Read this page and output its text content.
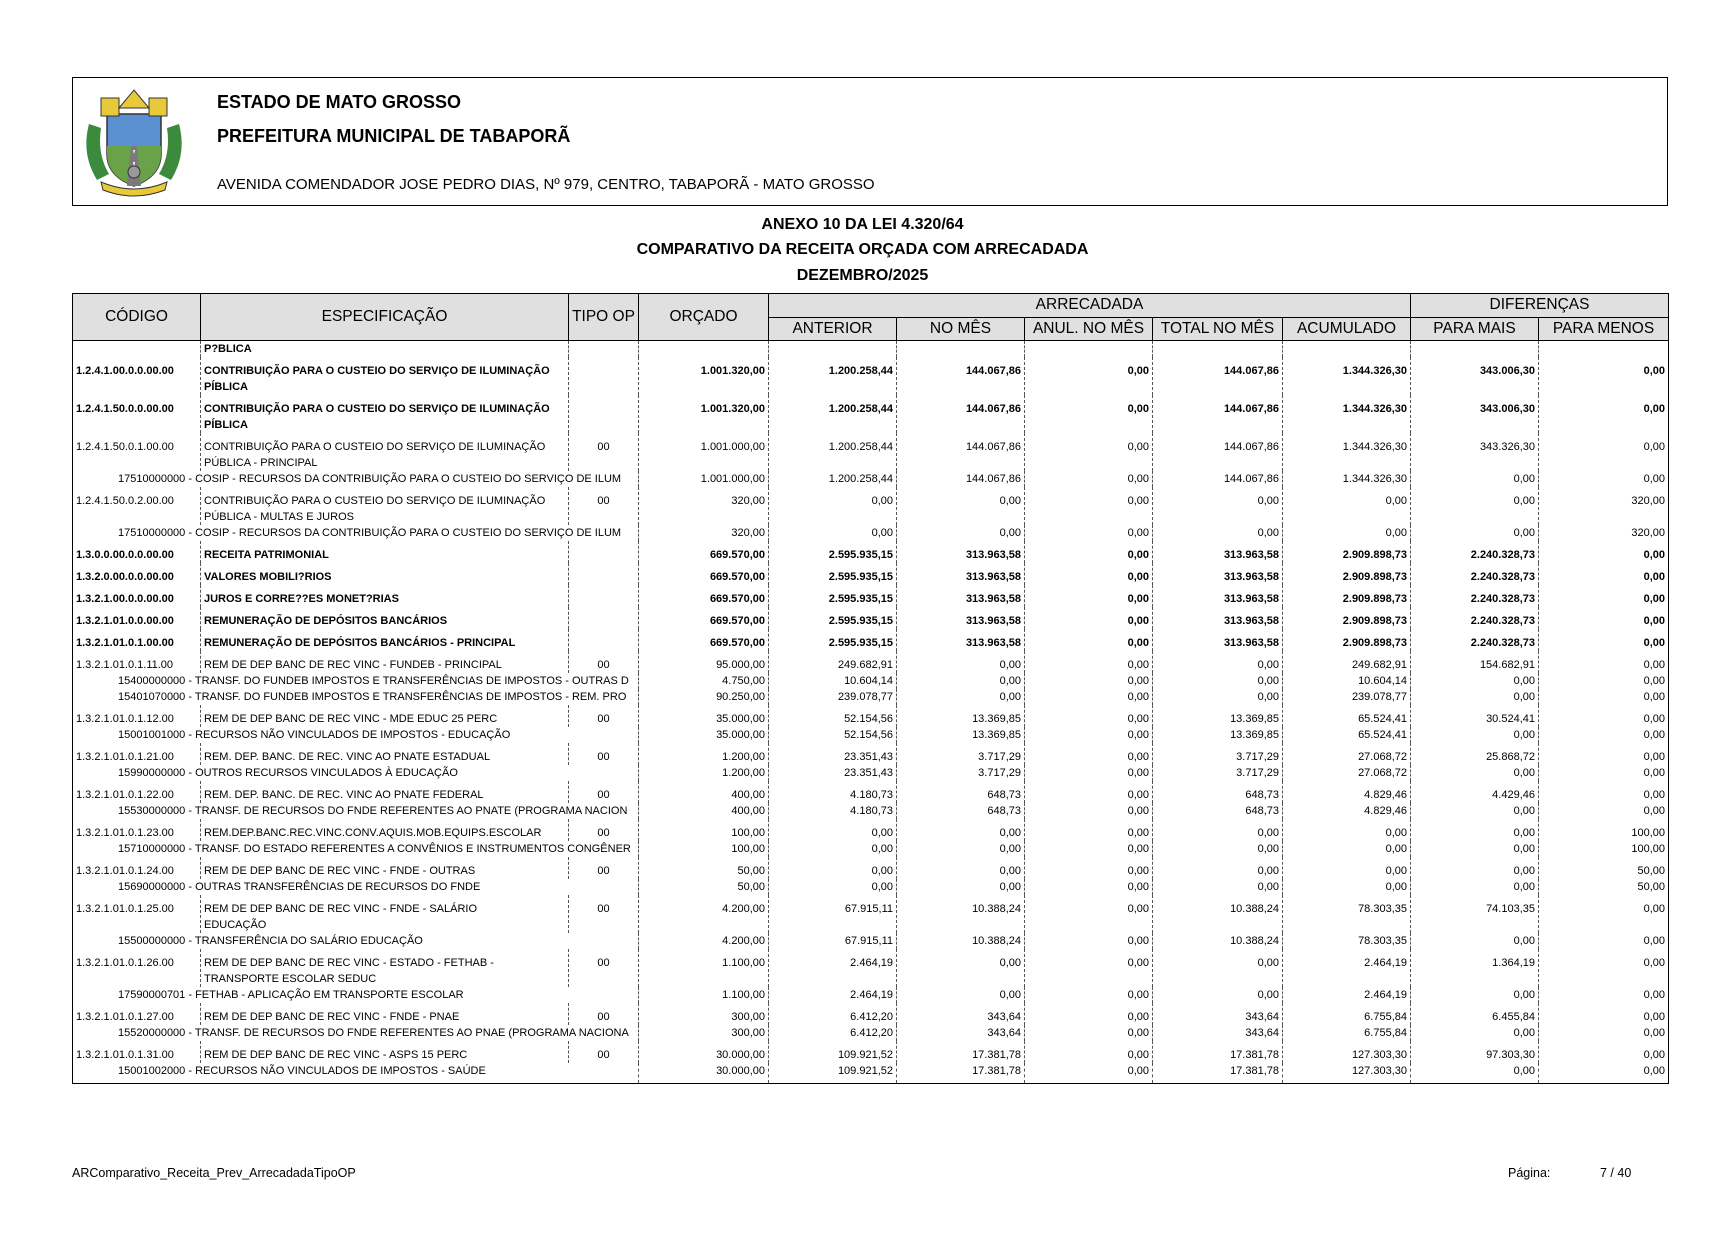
ESTADO DE MATO GROSSO
PREFEITURA MUNICIPAL DE TABAPORÃ
AVENIDA COMENDADOR JOSE PEDRO DIAS, Nº 979, CENTRO, TABAPORÃ - MATO GROSSO
ANEXO 10 DA LEI 4.320/64
COMPARATIVO DA RECEITA ORÇADA COM ARRECADADA
DEZEMBRO/2025
CÓDIGO	ESPECIFICAÇÃO	TIPO OP	ORÇADO	ARRECADADA					DIFERENÇAS	
				ANTERIOR	NO MÊS	ANUL. NO MÊS	TOTAL NO MÊS	ACUMULADO	PARA MAIS	PARA MENOS
	P?BLICA									
1.2.4.1.00.0.0.00.00	CONTRIBUIÇÃO PARA O CUSTEIO DO SERVIÇO DE ILUMINAÇÃO
PÍBLICA		1.001.320,00	1.200.258,44	144.067,86	0,00	144.067,86	1.344.326,30	343.006,30	0,00
1.2.4.1.50.0.0.00.00	CONTRIBUIÇÃO PARA O CUSTEIO DO SERVIÇO DE ILUMINAÇÃO
PÍBLICA		1.001.320,00	1.200.258,44	144.067,86	0,00	144.067,86	1.344.326,30	343.006,30	0,00
1.2.4.1.50.0.1.00.00	CONTRIBUIÇÃO PARA O CUSTEIO DO SERVIÇO DE ILUMINAÇÃO
PÚBLICA - PRINCIPAL	00	1.001.000,00	1.200.258,44	144.067,86	0,00	144.067,86	1.344.326,30	343.326,30	0,00

17510000000 - COSIP - RECURSOS DA CONTRIBUIÇÃO PARA O CUSTEIO DO SERVIÇO DE ILUM			1.001.000,00	1.200.258,44	144.067,86	0,00	144.067,86	1.344.326,30	0,00	0,00
1.2.4.1.50.0.2.00.00	CONTRIBUIÇÃO PARA O CUSTEIO DO SERVIÇO DE ILUMINAÇÃO
PÚBLICA - MULTAS E JUROS	00	320,00	0,00	0,00	0,00	0,00	0,00	0,00	320,00

17510000000 - COSIP - RECURSOS DA CONTRIBUIÇÃO PARA O CUSTEIO DO SERVIÇO DE ILUM			320,00	0,00	0,00	0,00	0,00	0,00	0,00	320,00
1.3.0.0.00.0.0.00.00	RECEITA PATRIMONIAL		669.570,00	2.595.935,15	313.963,58	0,00	313.963,58	2.909.898,73	2.240.328,73	0,00
1.3.2.0.00.0.0.00.00	VALORES MOBILI?RIOS		669.570,00	2.595.935,15	313.963,58	0,00	313.963,58	2.909.898,73	2.240.328,73	0,00
1.3.2.1.00.0.0.00.00	JUROS E CORRE??ES MONET?RIAS		669.570,00	2.595.935,15	313.963,58	0,00	313.963,58	2.909.898,73	2.240.328,73	0,00
1.3.2.1.01.0.0.00.00	REMUNERAÇÃO DE DEPÓSITOS BANCÁRIOS		669.570,00	2.595.935,15	313.963,58	0,00	313.963,58	2.909.898,73	2.240.328,73	0,00
1.3.2.1.01.0.1.00.00	REMUNERAÇÃO DE DEPÓSITOS BANCÁRIOS - PRINCIPAL		669.570,00	2.595.935,15	313.963,58	0,00	313.963,58	2.909.898,73	2.240.328,73	0,00
1.3.2.1.01.0.1.11.00	REM DE DEP BANC DE REC VINC - FUNDEB - PRINCIPAL	00	95.000,00	249.682,91	0,00	0,00	0,00	249.682,91	154.682,91	0,00

15400000000 - TRANSF. DO FUNDEB IMPOSTOS E TRANSFERÊNCIAS DE IMPOSTOS - OUTRAS D			4.750,00	10.604,14	0,00	0,00	0,00	10.604,14	0,00	0,00

15401070000 - TRANSF. DO FUNDEB IMPOSTOS E TRANSFERÊNCIAS DE IMPOSTOS - REM. PRO			90.250,00	239.078,77	0,00	0,00	0,00	239.078,77	0,00	0,00
1.3.2.1.01.0.1.12.00	REM DE DEP BANC DE REC VINC - MDE EDUC 25 PERC	00	35.000,00	52.154,56	13.369,85	0,00	13.369,85	65.524,41	30.524,41	0,00

15001001000 - RECURSOS NÃO VINCULADOS DE IMPOSTOS - EDUCAÇÃO			35.000,00	52.154,56	13.369,85	0,00	13.369,85	65.524,41	0,00	0,00
1.3.2.1.01.0.1.21.00	REM. DEP. BANC. DE REC. VINC AO PNATE ESTADUAL	00	1.200,00	23.351,43	3.717,29	0,00	3.717,29	27.068,72	25.868,72	0,00

15990000000 - OUTROS RECURSOS VINCULADOS À EDUCAÇÃO			1.200,00	23.351,43	3.717,29	0,00	3.717,29	27.068,72	0,00	0,00
1.3.2.1.01.0.1.22.00	REM. DEP. BANC. DE REC. VINC AO PNATE FEDERAL	00	400,00	4.180,73	648,73	0,00	648,73	4.829,46	4.429,46	0,00

15530000000 - TRANSF. DE RECURSOS DO FNDE REFERENTES AO PNATE (PROGRAMA NACION			400,00	4.180,73	648,73	0,00	648,73	4.829,46	0,00	0,00
1.3.2.1.01.0.1.23.00	REM.DEP.BANC.REC.VINC.CONV.AQUIS.MOB.EQUIPS.ESCOLAR	00	100,00	0,00	0,00	0,00	0,00	0,00	0,00	100,00

15710000000 - TRANSF. DO ESTADO REFERENTES A CONVÊNIOS E INSTRUMENTOS CONGÊNER			100,00	0,00	0,00	0,00	0,00	0,00	0,00	100,00
1.3.2.1.01.0.1.24.00	REM DE DEP BANC DE REC VINC - FNDE - OUTRAS	00	50,00	0,00	0,00	0,00	0,00	0,00	0,00	50,00

15690000000 - OUTRAS TRANSFERÊNCIAS DE RECURSOS DO FNDE			50,00	0,00	0,00	0,00	0,00	0,00	0,00	50,00
1.3.2.1.01.0.1.25.00	REM DE DEP BANC DE REC VINC - FNDE - SALÁRIO
EDUCAÇÃO	00	4.200,00	67.915,11	10.388,24	0,00	10.388,24	78.303,35	74.103,35	0,00

15500000000 - TRANSFERÊNCIA DO SALÁRIO EDUCAÇÃO			4.200,00	67.915,11	10.388,24	0,00	10.388,24	78.303,35	0,00	0,00
1.3.2.1.01.0.1.26.00	REM DE DEP BANC DE REC VINC - ESTADO - FETHAB -
TRANSPORTE ESCOLAR SEDUC	00	1.100,00	2.464,19	0,00	0,00	0,00	2.464,19	1.364,19	0,00

17590000701 - FETHAB - APLICAÇÃO EM TRANSPORTE ESCOLAR			1.100,00	2.464,19	0,00	0,00	0,00	2.464,19	0,00	0,00
1.3.2.1.01.0.1.27.00	REM DE DEP BANC DE REC VINC - FNDE - PNAE	00	300,00	6.412,20	343,64	0,00	343,64	6.755,84	6.455,84	0,00

15520000000 - TRANSF. DE RECURSOS DO FNDE REFERENTES AO PNAE (PROGRAMA NACIONA			300,00	6.412,20	343,64	0,00	343,64	6.755,84	0,00	0,00
1.3.2.1.01.0.1.31.00	REM DE DEP BANC DE REC VINC - ASPS 15 PERC	00	30.000,00	109.921,52	17.381,78	0,00	17.381,78	127.303,30	97.303,30	0,00

15001002000 - RECURSOS NÃO VINCULADOS DE IMPOSTOS - SAÚDE			30.000,00	109.921,52	17.381,78	0,00	17.381,78	127.303,30	0,00	0,00
ARComparativo_Receita_Prev_ArrecadadaTipoOP	Página:	7 / 40
